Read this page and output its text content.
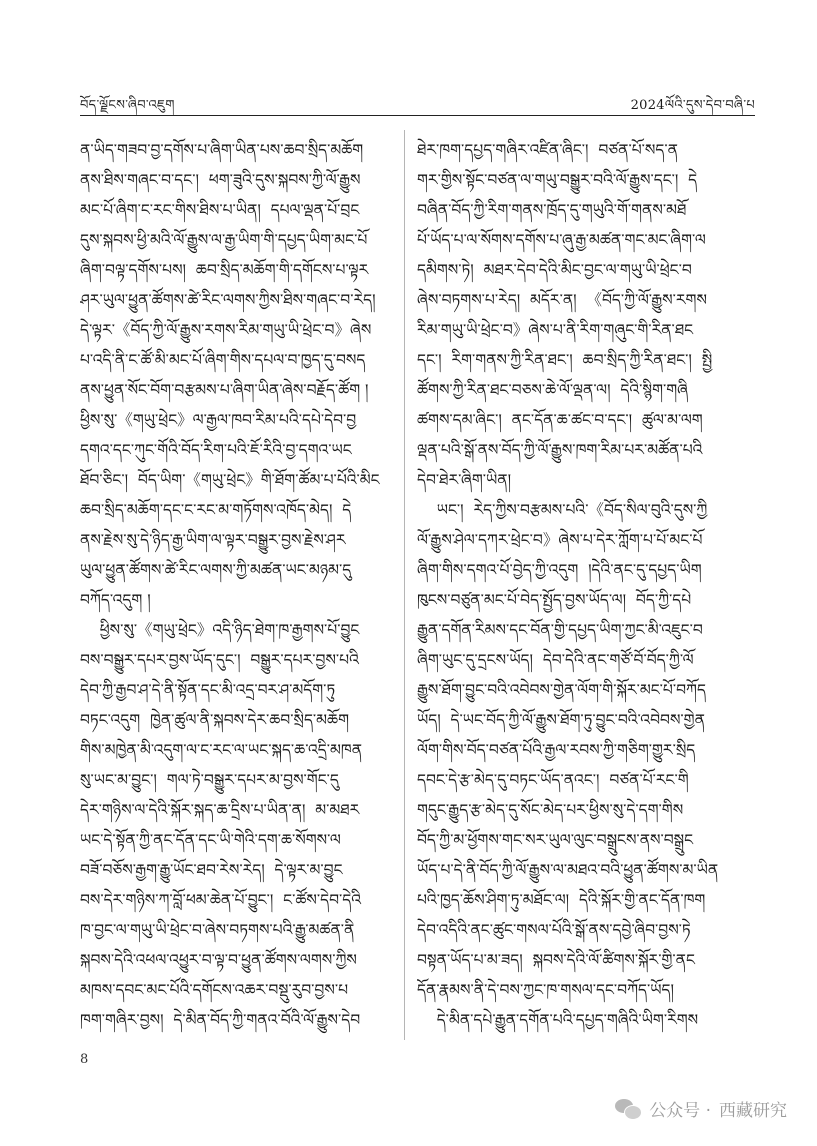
བོད་ལྗོངས་ཞིབ་འཇུག	2024ལོའི་དུས་དེབ་བཞི་པ

ན་ཡིད་གཟབ་བྱ་དགོས་པ་ཞིག་ཡིན་པས་ཆབ་སྲིད་མཆོག
ནས་ཐིས་གཞང་བ་དང་།  ཕག་ཟུའི་དུས་སྐབས་ཀྱི་ལོ་རྒྱུས
མང་པོ་ཞིག་ང་རང་གིས་ཐིས་པ་ཡིན།  དཔལ་ལྡན་པོ་བྲང
དུས་སྐབས་ཕྱི་མའི་ལོ་རྒྱུས་ལ་རྒྱ་ཡིག་གི་དཔྱད་ཡིག་མང་པོ
ཞིག་བལྟ་དགོས་པས།  ཆབ་སྲིད་མཆོག་གི་དགོངས་པ་ལྟར
ཤར་ཡུལ་ཕྱུན་ཚོགས་ཚེ་རིང་ལགས་ཀྱིས་ཐིས་གཞང་བ་རེད།
དེ་ལྟར་《བོད་ཀྱི་ལོ་རྒྱུས་རགས་རིམ་གཡུ་ཡི་ཕྲེང་བ》ཞེས
པ་འདི་ནི་ང་ཚོ་མི་མང་པོ་ཞིག་གིས་དཔལ་བ་ཁྱད་དུ་བསད
ནས་ཕྱུན་སོང་བོག་བརྩམས་པ་ཞིག་ཡིན་ཞེས་བརྗོད་ཚོག །
ཕྱིས་སུ་《གཡུ་ཕྲེང》ལ་རྒྱལ་ཁབ་རིམ་པའི་དཔེ་དེབ་བྱ
དགའ་དང་ཀུང་གོའི་བོད་རིག་པའི་ཇོ་རིའི་བྱ་དགའ་ཡང
ཐོབ་ཅིང་།  བོད་ཡིག་《གཡུ་ཕྲེང》གི་ཐོག་ཚོམ་པ་པོའི་མིང
ཆབ་སྲིད་མཆོག་དང་ང་རང་མ་གཏོགས་འཁོད་མེད།  དེ
ནས་རྗེས་སུ་དེ་ཉིད་རྒྱ་ཡིག་ལ་ལྟར་བསྒྱུར་བྱས་རྗེས་ཤར
ཡུལ་ཕྱུན་ཚོགས་ཚེ་རིང་ལགས་ཀྱི་མཚན་ཡང་མཉམ་དུ
བཀོད་འདུག །
ཕྱིས་སུ་《གཡུ་ཕྲེང》འདི་ཉིད་ཐེག་ཁ་རྒྱགས་པོ་བྱུང
བས་བསྒྱུར་དཔར་བྱས་ཡོད་དུང་།  བསྒྱུར་དཔར་བྱས་པའི
དེབ་ཀྱི་རྒྱབ་ཤ་དེ་ནི་སྟོན་དང་མི་འདྲ་བར་ཤ་མདོག་ཏུ
བཏང་འདུག  ཁྱེན་ཚུལ་ནི་སྐབས་དེར་ཆབ་སྲིད་མཆོག
གིས་མཁྱེན་མི་འདུག་ལ་ང་རང་ལ་ཡང་སྐད་ཆ་འདྲི་མཁན
སུ་ཡང་མ་བྱུང་།  གལ་ཏེ་བསྒྱུར་དཔར་མ་བྱས་གོང་དུ
དེར་གཉིས་ལ་དེའི་སྐོར་སྐད་ཆ་དྲིས་པ་ཡིན་ན།  མ་མཐར
ཡང་དེ་སྟོན་ཀྱི་ནང་དོན་དང་ཡི་གེའི་དག་ཆ་སོགས་ལ
བཟོ་བཅོས་རྒྱག་རྒྱུ་ཡོང་ཐབ་རེས་རེད།  དེ་ལྟར་མ་བྱུང
བས་དེར་གཉིས་ཀ་བློ་ཕམ་ཆེན་པོ་བྱུང་།  ང་ཚོས་དེབ་དེའི
ཁ་བྱང་ལ་གཡུ་ཡི་ཕྲེང་བ་ཞེས་བཏགས་པའི་རྒྱུ་མཚན་ནི
སྐབས་དེའི་འཕལ་འཕྱུར་བ་ལྟ་བ་ཕྱུན་ཚོགས་ལགས་ཀྱིས
མཁས་དབང་མང་པོའི་དགོངས་འཆར་བསྡུ་རུབ་བྱས་པ
ཁག་གཞིར་བྱས།  དེ་མིན་བོད་ཀྱི་གནའ་བོའི་ལོ་རྒྱུས་དེབ

ཐེར་ཁག་དཔྱད་གཞིར་འཛིན་ཞིང་།  བཙན་པོ་སད་ན
གར་གྱིས་སྟོང་བཙན་ལ་གཡུ་བསྒྱུར་བའི་ལོ་རྒྱུས་དང་།  དེ
བཞིན་བོད་ཀྱི་རིག་གནས་ཁྲོད་དུ་གཡུའི་གོ་གནས་མཐོ
པོ་ཡོད་པ་ལ་སོགས་དགོས་པ་ཞུ་རྒྱ་མཚན་གང་མང་ཞིག་ལ
དམིགས་ཏེ།  མཐར་དེབ་དེའི་མིང་བྱང་ལ་གཡུ་ཡི་ཕྲེང་བ
ཞེས་བཏགས་པ་རེད།  མདོར་ན།  《བོད་ཀྱི་ལོ་རྒྱུས་རགས
རིམ་གཡུ་ཡི་ཕྲེང་བ》ཞེས་པ་ནི་རིག་གཞུང་གི་རིན་ཐང
དང་།  རིག་གནས་ཀྱི་རིན་ཐང་།  ཆབ་སྲིད་ཀྱི་རིན་ཐང་།  སྤྱི
ཚོགས་ཀྱི་རིན་ཐང་བཅས་ཆེ་ལོ་ལྡན་ལ།  དེའི་སྙིག་གཞི
ཚགས་དམ་ཞིང་།  ནང་དོན་ཆ་ཚང་བ་དང་།  ཚུལ་མ་ལག
ལྡན་པའི་སྒོ་ནས་བོད་ཀྱི་ལོ་རྒྱུས་ཁག་རིམ་པར་མཚོན་པའི
དེབ་ཐེར་ཞིག་ཡིན།
ཡང་།  རེད་ཀྱིས་བརྩམས་པའི་《བོད་སིལ་བུའི་དུས་ཀྱི
ལོ་རྒྱུས་ཤེལ་དཀར་ཕྲེང་བ》ཞེས་པ་དེར་ཀློག་པ་པོ་མང་པོ
ཞིག་གིས་དགའ་པོ་བྱེད་ཀྱི་འདུག  །དེའི་ནང་དུ་དཔྱད་ཡིག
ཁུངས་བཙུན་མང་པོ་བེད་སྤྱོད་བྱས་ཡོད་ལ།  བོད་ཀྱི་དཔེ
རྒྱུན་དགོན་རིམས་དང་བོན་གྱི་དཔྱད་ཡིག་ཀྱང་མི་འཇུང་བ
ཞིག་ཡུང་དུ་དྲངས་ཡོད།  དེབ་དེའི་ནང་གཙོ་བོ་བོད་ཀྱི་ལོ
རྒྱུས་ཐོག་བྱུང་བའི་འབེབས་གྱེན་ལོག་གི་སྐོར་མང་པོ་བཀོད
ཡོད།  དེ་ཡང་བོད་ཀྱི་ལོ་རྒྱུས་ཐོག་ཏུ་བྱུང་བའི་འབེབས་གྱེན
ལོག་གིས་བོད་བཙན་པོའི་རྒྱལ་རབས་ཀྱི་གཅིག་གྱུར་སྲིད
དབང་དེ་རྩ་མེད་དུ་བཏང་ཡོད་ནའང་།  བཙན་པོ་རང་གི
གདུང་རྒྱུད་རྩ་མེད་དུ་སོང་མེད་པར་ཕྱིས་སུ་དེ་དག་གིས
བོད་ཀྱི་མ་ཕྱོགས་གང་སར་ཡུལ་ལུང་བསྒྲུངས་ནས་བསྒྲུང
ཡོད་པ་དེ་ནི་བོད་ཀྱི་ལོ་རྒྱུས་ལ་མཐའ་བའི་ཕྱུན་ཚོགས་མ་ཡིན
པའི་ཁྱད་ཆོས་ཤིག་ཏུ་མཐོང་ལ།  དེའི་སྐོར་གྱི་ནང་དོན་ཁག
དེབ་འདིའི་ནང་ཚུང་གསལ་པོའི་སྒོ་ནས་དབྱེ་ཞིབ་བྱས་ཏེ
བསྟན་ཡོད་པ་མ་ཟད།  སྐབས་དེའི་ལོ་ཚིགས་སྐོར་གྱི་ནང
དོན་རྣམས་ནི་དེ་བས་ཀྱང་ཁ་གསལ་དང་བཀོད་ཡོད།
དེ་མིན་དཔེ་རྒྱུན་དགོན་པའི་དཔྱད་གཞིའི་ཡིག་རིགས

8
公众号 · 西藏研究
